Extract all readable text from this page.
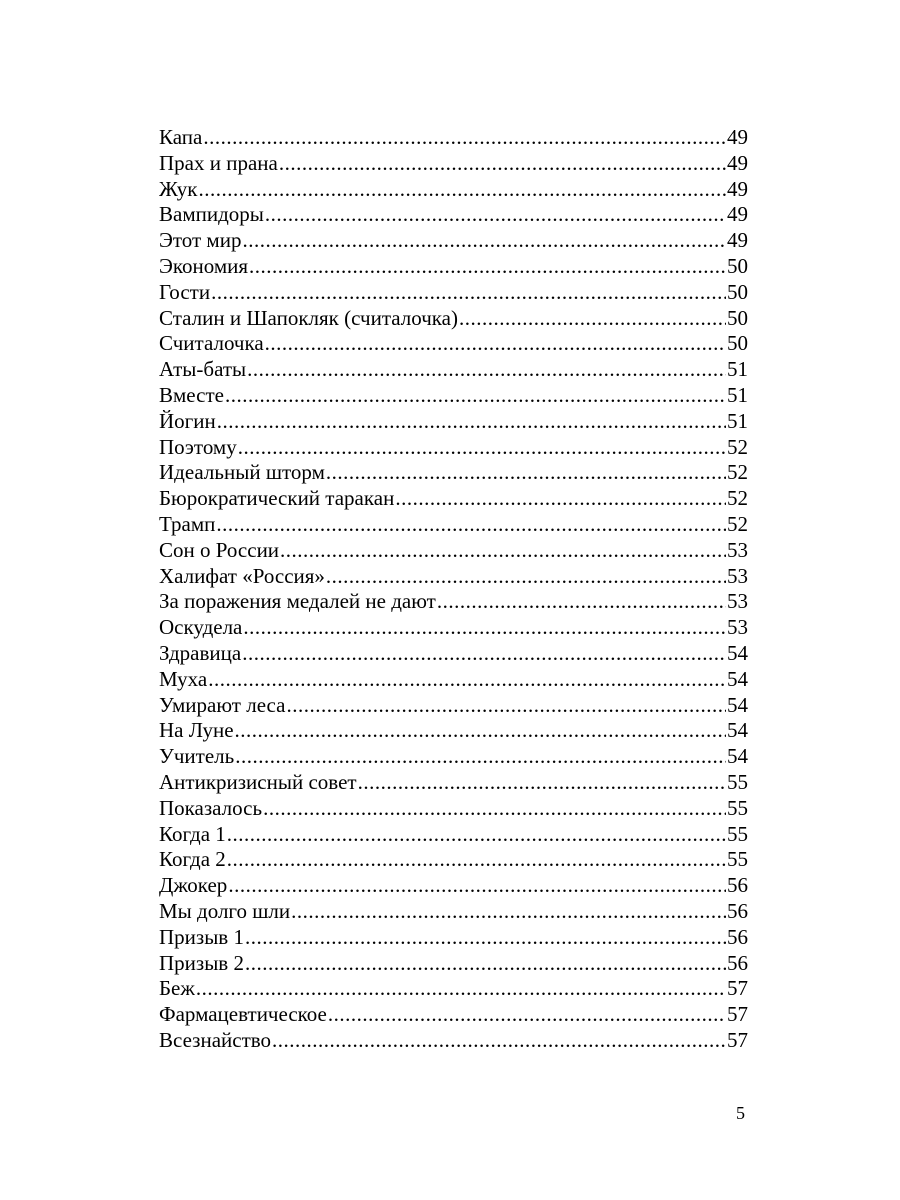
Капа .....	49
Прах и прана .....	49
Жук .....	49
Вампидоры .....	49
Этот мир .....	49
Экономия .....	50
Гости .....	50
Сталин и Шапокляк (считалочка) .....	50
Считалочка .....	50
Аты-баты .....	51
Вместе .....	51
Йогин .....	51
Поэтому .....	52
Идеальный шторм .....	52
Бюрократический таракан .....	52
Трамп .....	52
Сон о России .....	53
Халифат «Россия» .....	53
За поражения медалей не дают .....	53
Оскудела .....	53
Здравица .....	54
Муха .....	54
Умирают леса .....	54
На Луне .....	54
Учитель .....	54
Антикризисный совет .....	55
Показалось .....	55
Когда 1 .....	55
Когда 2 .....	55
Джокер .....	56
Мы долго шли .....	56
Призыв 1 .....	56
Призыв 2 .....	56
Беж .....	57
Фармацевтическое .....	57
Всезнайство .....	57
5
